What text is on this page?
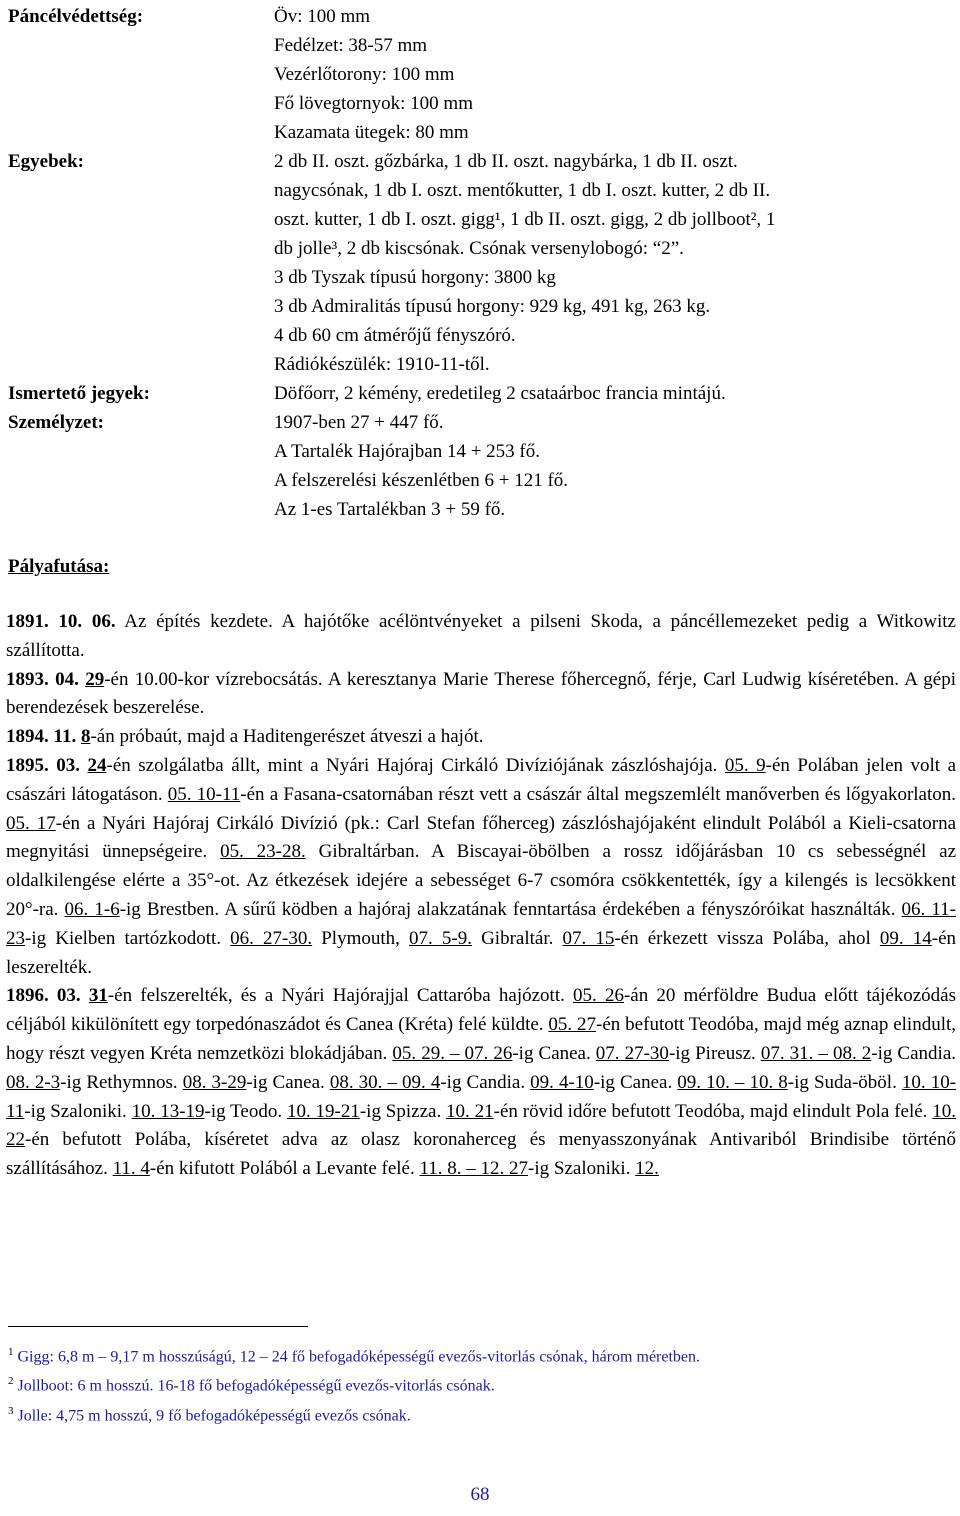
Páncélvédettség:	Öv: 100 mm
Fedélzet: 38-57 mm
Vezérlőtorony: 100 mm
Fő lövegtornyok: 100 mm
Kazamata ütegek: 80 mm
Egyebek:	2 db II. oszt. gőzbárka, 1 db II. oszt. nagybárka, 1 db II. oszt.
nagycsónak, 1 db I. oszt. mentőkutter, 1 db I. oszt. kutter, 2 db II.
oszt. kutter, 1 db I. oszt. gigg¹, 1 db II. oszt. gigg, 2 db jollboot², 1
db jolle³, 2 db kiscsónak. Csónak versenylobogó: “2”.
3 db Tyszak típusú horgony: 3800 kg
3 db Admiralitás típusú horgony: 929 kg, 491 kg, 263 kg.
4 db 60 cm átmérőjű fényszóró.
Rádiókészülék: 1910-11-től.
Ismertető jegyek:	Döfőorr, 2 kémény, eredetileg 2 csataárboc francia mintájú.
Személyzet:	1907-ben 27 + 447 fő.
A Tartalék Hajórajban 14 + 253 fő.
A felszerelési készenlétben 6 + 121 fő.
Az 1-es Tartalékban 3 + 59 fő.
Pályafutása:

1891. 10. 06. Az építés kezdete. A hajótőke acélöntvényeket a pilseni Skoda, a páncéllemezeket pedig a Witkowitz szállította.

1893. 04. 29-én 10.00-kor vízrebocsátás. A keresztanya Marie Therese főhercegnő, férje, Carl Ludwig kíséretében. A gépi berendezések beszerelése.

1894. 11. 8-án próbaút, majd a Haditengerészet átveszi a hajót.

1895. 03. 24-én szolgálatba állt, mint a Nyári Hajóraj Cirkáló Divíziójának zászlóshajója. 05. 9-én Polában jelen volt a császári látogatáson. 05. 10-11-én a Fasana-csatornában részt vett a császár által megszemlélt manőverben és lőgyakorlaton. 05. 17-én a Nyári Hajóraj Cirkáló Divízió (pk.: Carl Stefan főherceg) zászlóshajójaként elindult Polából a Kieli-csatorna megnyitási ünnepségeire. 05. 23-28. Gibraltárban. A Biscayai-öbölben a rossz időjárásban 10 cs sebességnél az oldalkilengése elérte a 35°-ot. Az étkezések idejére a sebességet 6-7 csomóra csökkentették, így a kilengés is lecsökkent 20°-ra. 06. 1-6-ig Brestben. A sűrű ködben a hajóraj alakzatának fenntartása érdekében a fényszóróikat használták. 06. 11-23-ig Kielben tartózkodott. 06. 27-30. Plymouth, 07. 5-9. Gibraltár. 07. 15-én érkezett vissza Polába, ahol 09. 14-én leszerelték.

1896. 03. 31-én felszerelték, és a Nyári Hajórajjal Cattaróba hajózott. 05. 26-án 20 mérföldre Budua előtt tájékozódás céljából kikülönített egy torpedónaszádot és Canea (Kréta) felé küldte. 05. 27-én befutott Teodóba, majd még aznap elindult, hogy részt vegyen Kréta nemzetközi blokádjában. 05. 29. – 07. 26-ig Canea. 07. 27-30-ig Pireusz. 07. 31. – 08. 2-ig Candia. 08. 2-3-ig Rethymnos. 08. 3-29-ig Canea. 08. 30. – 09. 4-ig Candia. 09. 4-10-ig Canea. 09. 10. – 10. 8-ig Suda-öböl. 10. 10-11-ig Szaloniki. 10. 13-19-ig Teodo. 10. 19-21-ig Spizza. 10. 21-én rövid időre befutott Teodóba, majd elindult Pola felé. 10. 22-én befutott Polába, kíséretet adva az olasz koronaherceg és menyasszonyának Antivariból Brindisibe történő szállításához. 11. 4-én kifutott Polából a Levante felé. 11. 8. – 12. 27-ig Szaloniki. 12.

$^1$ Gigg: 6,8 m – 9,17 m hosszúságú, 12 – 24 fő befogadóképességű evezős-vitorlás csónak, három méretben.
$^2$ Jollboot: 6 m hosszú. 16-18 fő befogadóképességű evezős-vitorlás csónak.
$^3$ Jolle: 4,75 m hosszú, 9 fő befogadóképességű evezős csónak.
68
